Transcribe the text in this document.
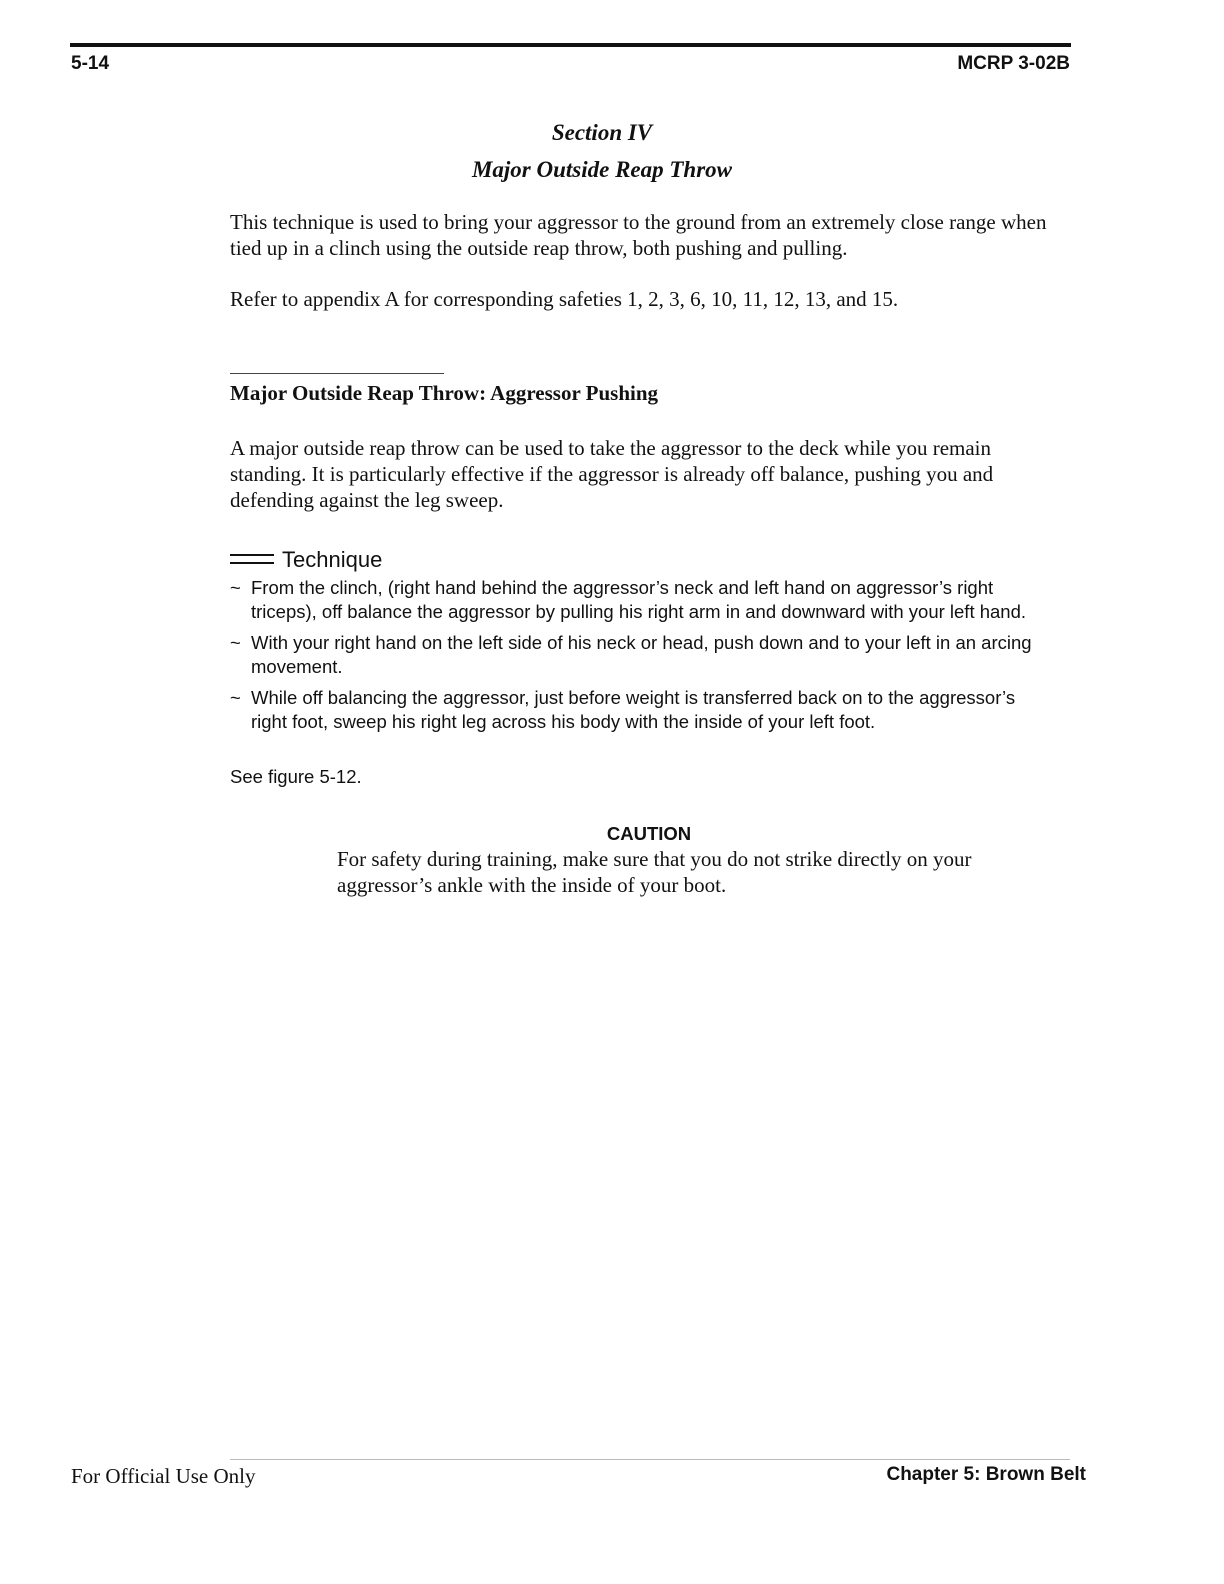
5-14	MCRP 3-02B
Section IV
Major Outside Reap Throw
This technique is used to bring your aggressor to the ground from an extremely close range when tied up in a clinch using the outside reap throw, both pushing and pulling.
Refer to appendix A for corresponding safeties 1, 2, 3, 6, 10, 11, 12, 13, and 15.
Major Outside Reap Throw: Aggressor Pushing
A major outside reap throw can be used to take the aggressor to the deck while you remain standing. It is particularly effective if the aggressor is already off balance, pushing you and defending against the leg sweep.
Technique
~ From the clinch, (right hand behind the aggressor’s neck and left hand on aggressor’s right triceps), off balance the aggressor by pulling his right arm in and downward with your left hand.
~ With your right hand on the left side of his neck or head, push down and to your left in an arcing movement.
~ While off balancing the aggressor, just before weight is transferred back on to the aggressor’s right foot, sweep his right leg across his body with the inside of your left foot.
See figure 5-12.
CAUTION
For safety during training, make sure that you do not strike directly on your aggressor’s ankle with the inside of your boot.
For Official Use Only	Chapter 5: Brown Belt
